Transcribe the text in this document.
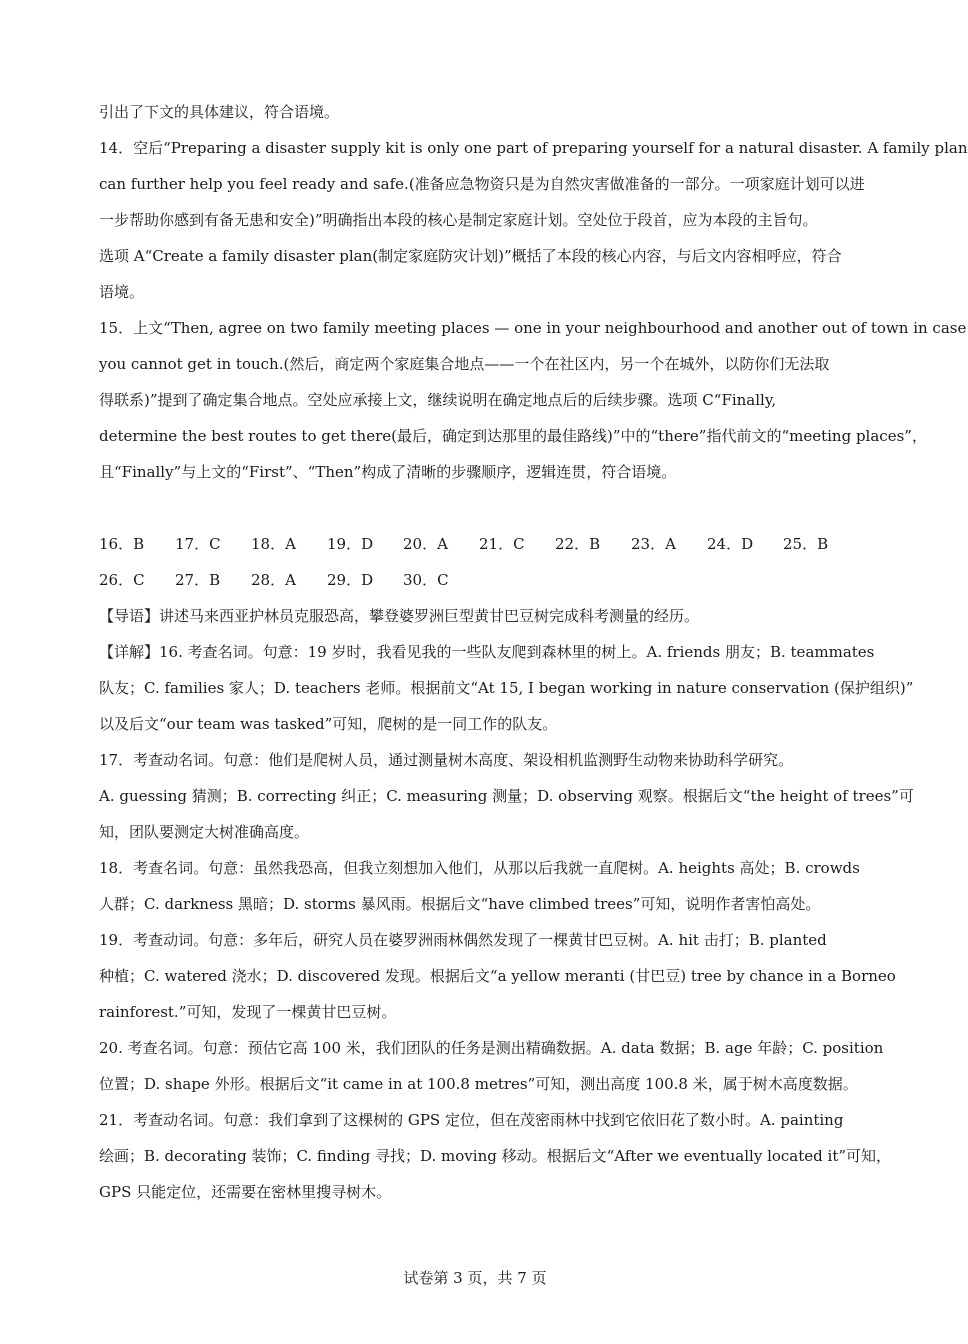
引出了下文的具体建议，符合语境。
14．空后“Preparing a disaster supply kit is only one part of preparing yourself for a natural disaster. A family plan
can further help you feel ready and safe.(准备应急物资只是为自然灾害做准备的一部分。一项家庭计划可以进
一步帮助你感到有备无患和安全)”明确指出本段的核心是制定家庭计划。空处位于段首，应为本段的主旨句。
选项 A“Create a family disaster plan(制定家庭防灾计划)”概括了本段的核心内容，与后文内容相呼应，符合
语境。
15．上文“Then, agree on two family meeting places — one in your neighbourhood and another out of town in case
you cannot get in touch.(然后，商定两个家庭集合地点——一个在社区内，另一个在城外，以防你们无法取
得联系)”提到了确定集合地点。空处应承接上文，继续说明在确定地点后的后续步骤。选项 C“Finally,
determine the best routes to get there(最后，确定到达那里的最佳路线)”中的“there”指代前文的“meeting places”，
且“Finally”与上文的“First”、“Then”构成了清晰的步骤顺序，逻辑连贯，符合语境。
16．B 17．C 18．A 19．D 20．A 21．C 22．B 23．A 24．D 25．B
26．C 27．B 28．A 29．D 30．C
【导语】讲述马来西亚护林员克服恐高，攀登婆罗洲巨型黄甘巴豆树完成科考测量的经历。
【详解】16. 考查名词。句意：19 岁时，我看见我的一些队友爬到森林里的树上。A. friends 朋友；B. teammates
队友；C. families 家人；D. teachers 老师。根据前文“At 15, I began working in nature conservation (保护组织)”
以及后文“our team was tasked”可知，爬树的是一同工作的队友。
17．考查动名词。句意：他们是爬树人员，通过测量树木高度、架设相机监测野生动物来协助科学研究。
A. guessing 猜测；B. correcting 纠正；C. measuring 测量；D. observing 观察。根据后文“the height of trees”可
知，团队要测定大树准确高度。
18．考查名词。句意：虽然我恐高，但我立刻想加入他们，从那以后我就一直爬树。A. heights 高处；B. crowds
人群；C. darkness 黑暗；D. storms 暴风雨。根据后文“have climbed trees”可知，说明作者害怕高处。
19．考查动词。句意：多年后，研究人员在婆罗洲雨林偶然发现了一棵黄甘巴豆树。A. hit 击打；B. planted
种植；C. watered 浇水；D. discovered 发现。根据后文“a yellow meranti (甘巴豆) tree by chance in a Borneo
rainforest.”可知，发现了一棵黄甘巴豆树。
20. 考查名词。句意：预估它高 100 米，我们团队的任务是测出精确数据。A. data 数据；B. age 年龄；C. position
位置；D. shape 外形。根据后文“it came in at 100.8 metres”可知，测出高度 100.8 米，属于树木高度数据。
21．考查动名词。句意：我们拿到了这棵树的 GPS 定位，但在茂密雨林中找到它依旧花了数小时。A. painting
绘画；B. decorating 装饰；C. finding 寻找；D. moving 移动。根据后文“After we eventually located it”可知，
GPS 只能定位，还需要在密林里搜寻树木。
试卷第 3 页，共 7 页
